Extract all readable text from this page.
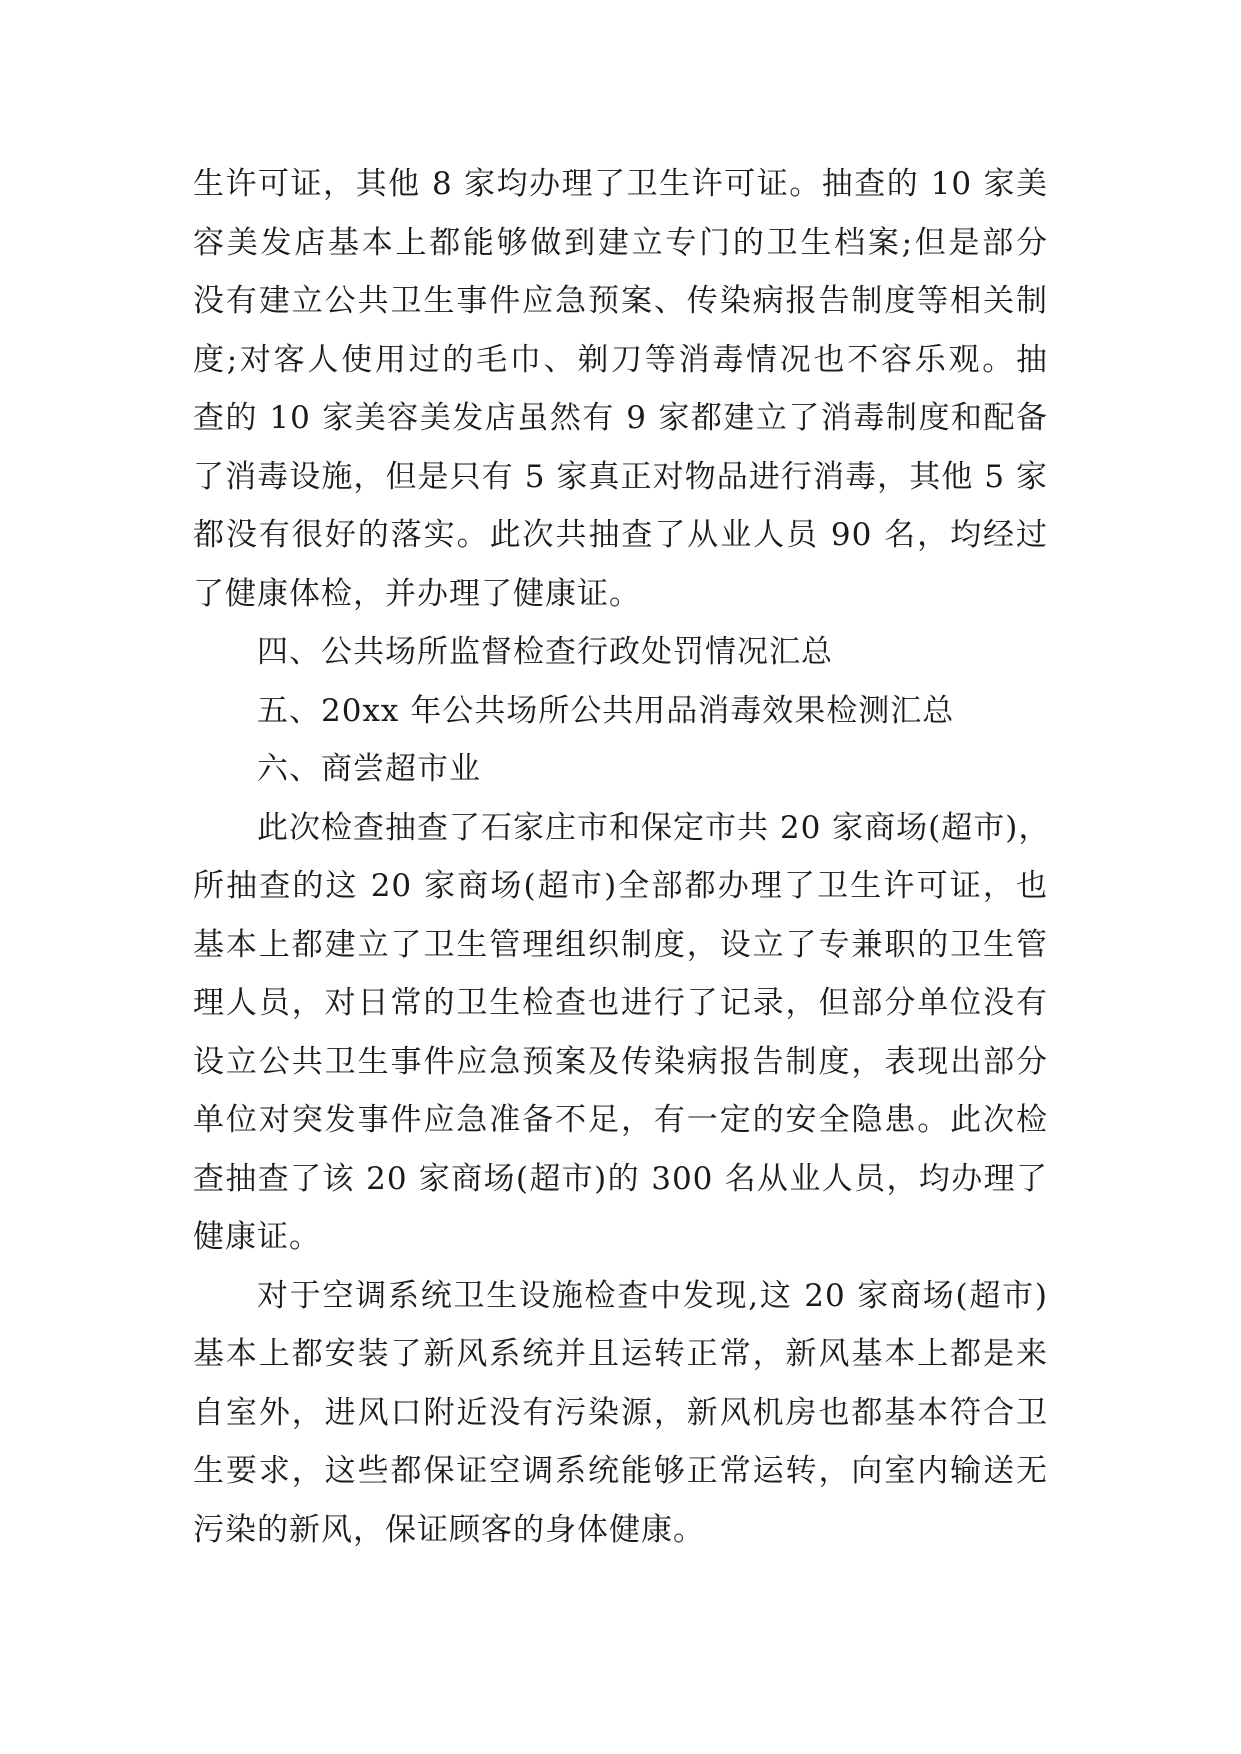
生许可证，其他 8 家均办理了卫生许可证。抽查的 10 家美
容美发店基本上都能够做到建立专门的卫生档案;但是部分
没有建立公共卫生事件应急预案、传染病报告制度等相关制
度;对客人使用过的毛巾、剃刀等消毒情况也不容乐观。抽
查的 10 家美容美发店虽然有 9 家都建立了消毒制度和配备
了消毒设施，但是只有 5 家真正对物品进行消毒，其他 5 家
都没有很好的落实。此次共抽查了从业人员 90 名，均经过
了健康体检，并办理了健康证。
四、公共场所监督检查行政处罚情况汇总
五、20xx 年公共场所公共用品消毒效果检测汇总
六、商尝超市业
此次检查抽查了石家庄市和保定市共 20 家商场(超市)，
所抽查的这 20 家商场(超市)全部都办理了卫生许可证，也
基本上都建立了卫生管理组织制度，设立了专兼职的卫生管
理人员，对日常的卫生检查也进行了记录，但部分单位没有
设立公共卫生事件应急预案及传染病报告制度，表现出部分
单位对突发事件应急准备不足，有一定的安全隐患。此次检
查抽查了该 20 家商场(超市)的 300 名从业人员，均办理了
健康证。
对于空调系统卫生设施检查中发现,这 20 家商场(超市)
基本上都安装了新风系统并且运转正常，新风基本上都是来
自室外，进风口附近没有污染源，新风机房也都基本符合卫
生要求，这些都保证空调系统能够正常运转，向室内输送无
污染的新风，保证顾客的身体健康。
